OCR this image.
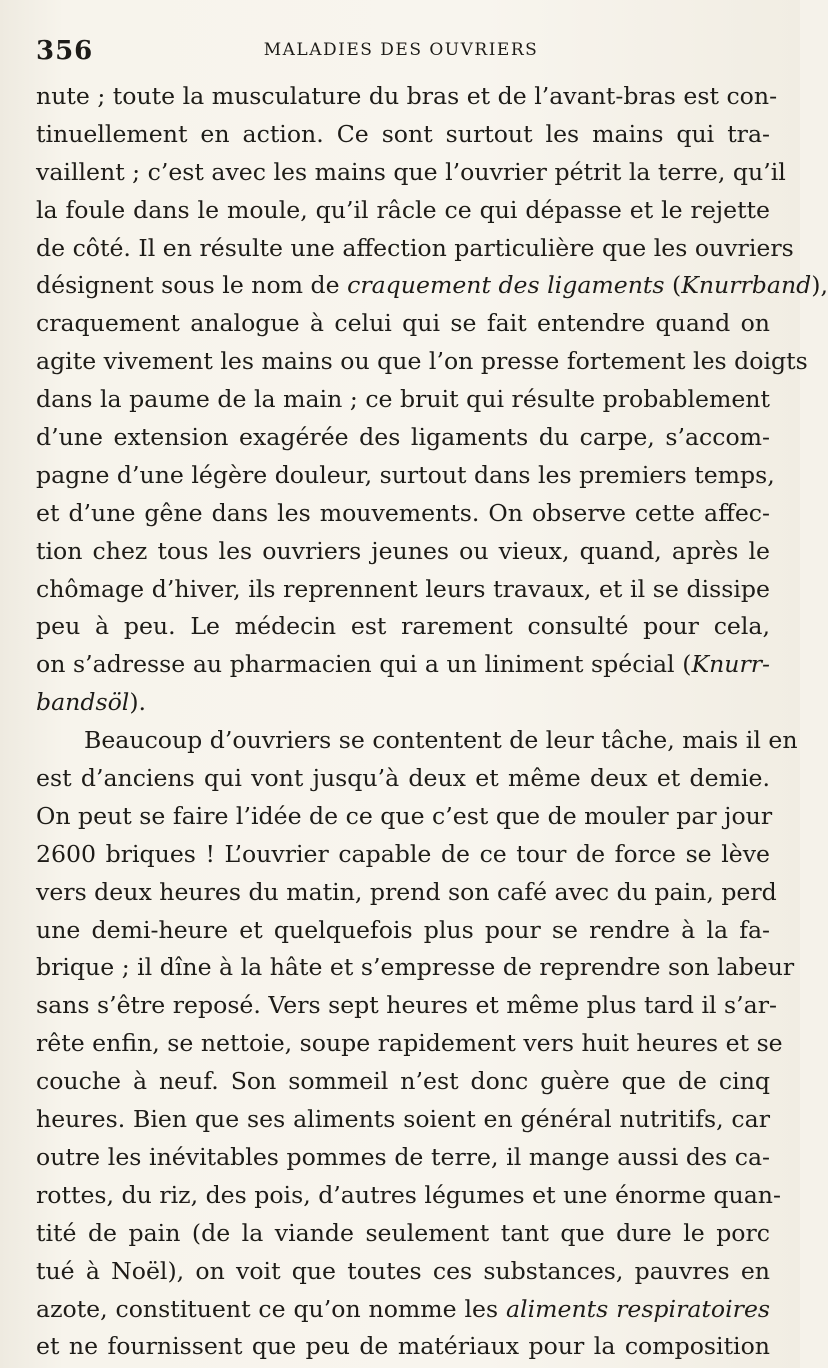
356	MALADIES DES OUVRIERS
nute ; toute la musculature du bras et de l’avant-bras est con-
tinuellement en action. Ce sont surtout les mains qui tra-
vaillent ; c’est avec les mains que l’ouvrier pétrit la terre, qu’il
la foule dans le moule, qu’il râcle ce qui dépasse et le rejette
de côté. Il en résulte une affection particulière que les ouvriers
désignent sous le nom de craquement des ligaments (Knurrband),
craquement analogue à celui qui se fait entendre quand on
agite vivement les mains ou que l’on presse fortement les doigts
dans la paume de la main ; ce bruit qui résulte probablement
d’une extension exagérée des ligaments du carpe, s’accom-
pagne d’une légère douleur, surtout dans les premiers temps,
et d’une gêne dans les mouvements. On observe cette affec-
tion chez tous les ouvriers jeunes ou vieux, quand, après le
chômage d’hiver, ils reprennent leurs travaux, et il se dissipe
peu à peu. Le médecin est rarement consulté pour cela,
on s’adresse au pharmacien qui a un liniment spécial (Knurr-
bandsöl).
Beaucoup d’ouvriers se contentent de leur tâche, mais il en
est d’anciens qui vont jusqu’à deux et même deux et demie.
On peut se faire l’idée de ce que c’est que de mouler par jour
2600 briques ! L’ouvrier capable de ce tour de force se lève
vers deux heures du matin, prend son café avec du pain, perd
une demi-heure et quelquefois plus pour se rendre à la fa-
brique ; il dîne à la hâte et s’empresse de reprendre son labeur
sans s’être reposé. Vers sept heures et même plus tard il s’ar-
rête enfin, se nettoie, soupe rapidement vers huit heures et se
couche à neuf. Son sommeil n’est donc guère que de cinq
heures. Bien que ses aliments soient en général nutritifs, car
outre les inévitables pommes de terre, il mange aussi des ca-
rottes, du riz, des pois, d’autres légumes et une énorme quan-
tité de pain (de la viande seulement tant que dure le porc
tué à Noël), on voit que toutes ces substances, pauvres en
azote, constituent ce qu’on nomme les aliments respiratoires
et ne fournissent que peu de matériaux pour la composition
